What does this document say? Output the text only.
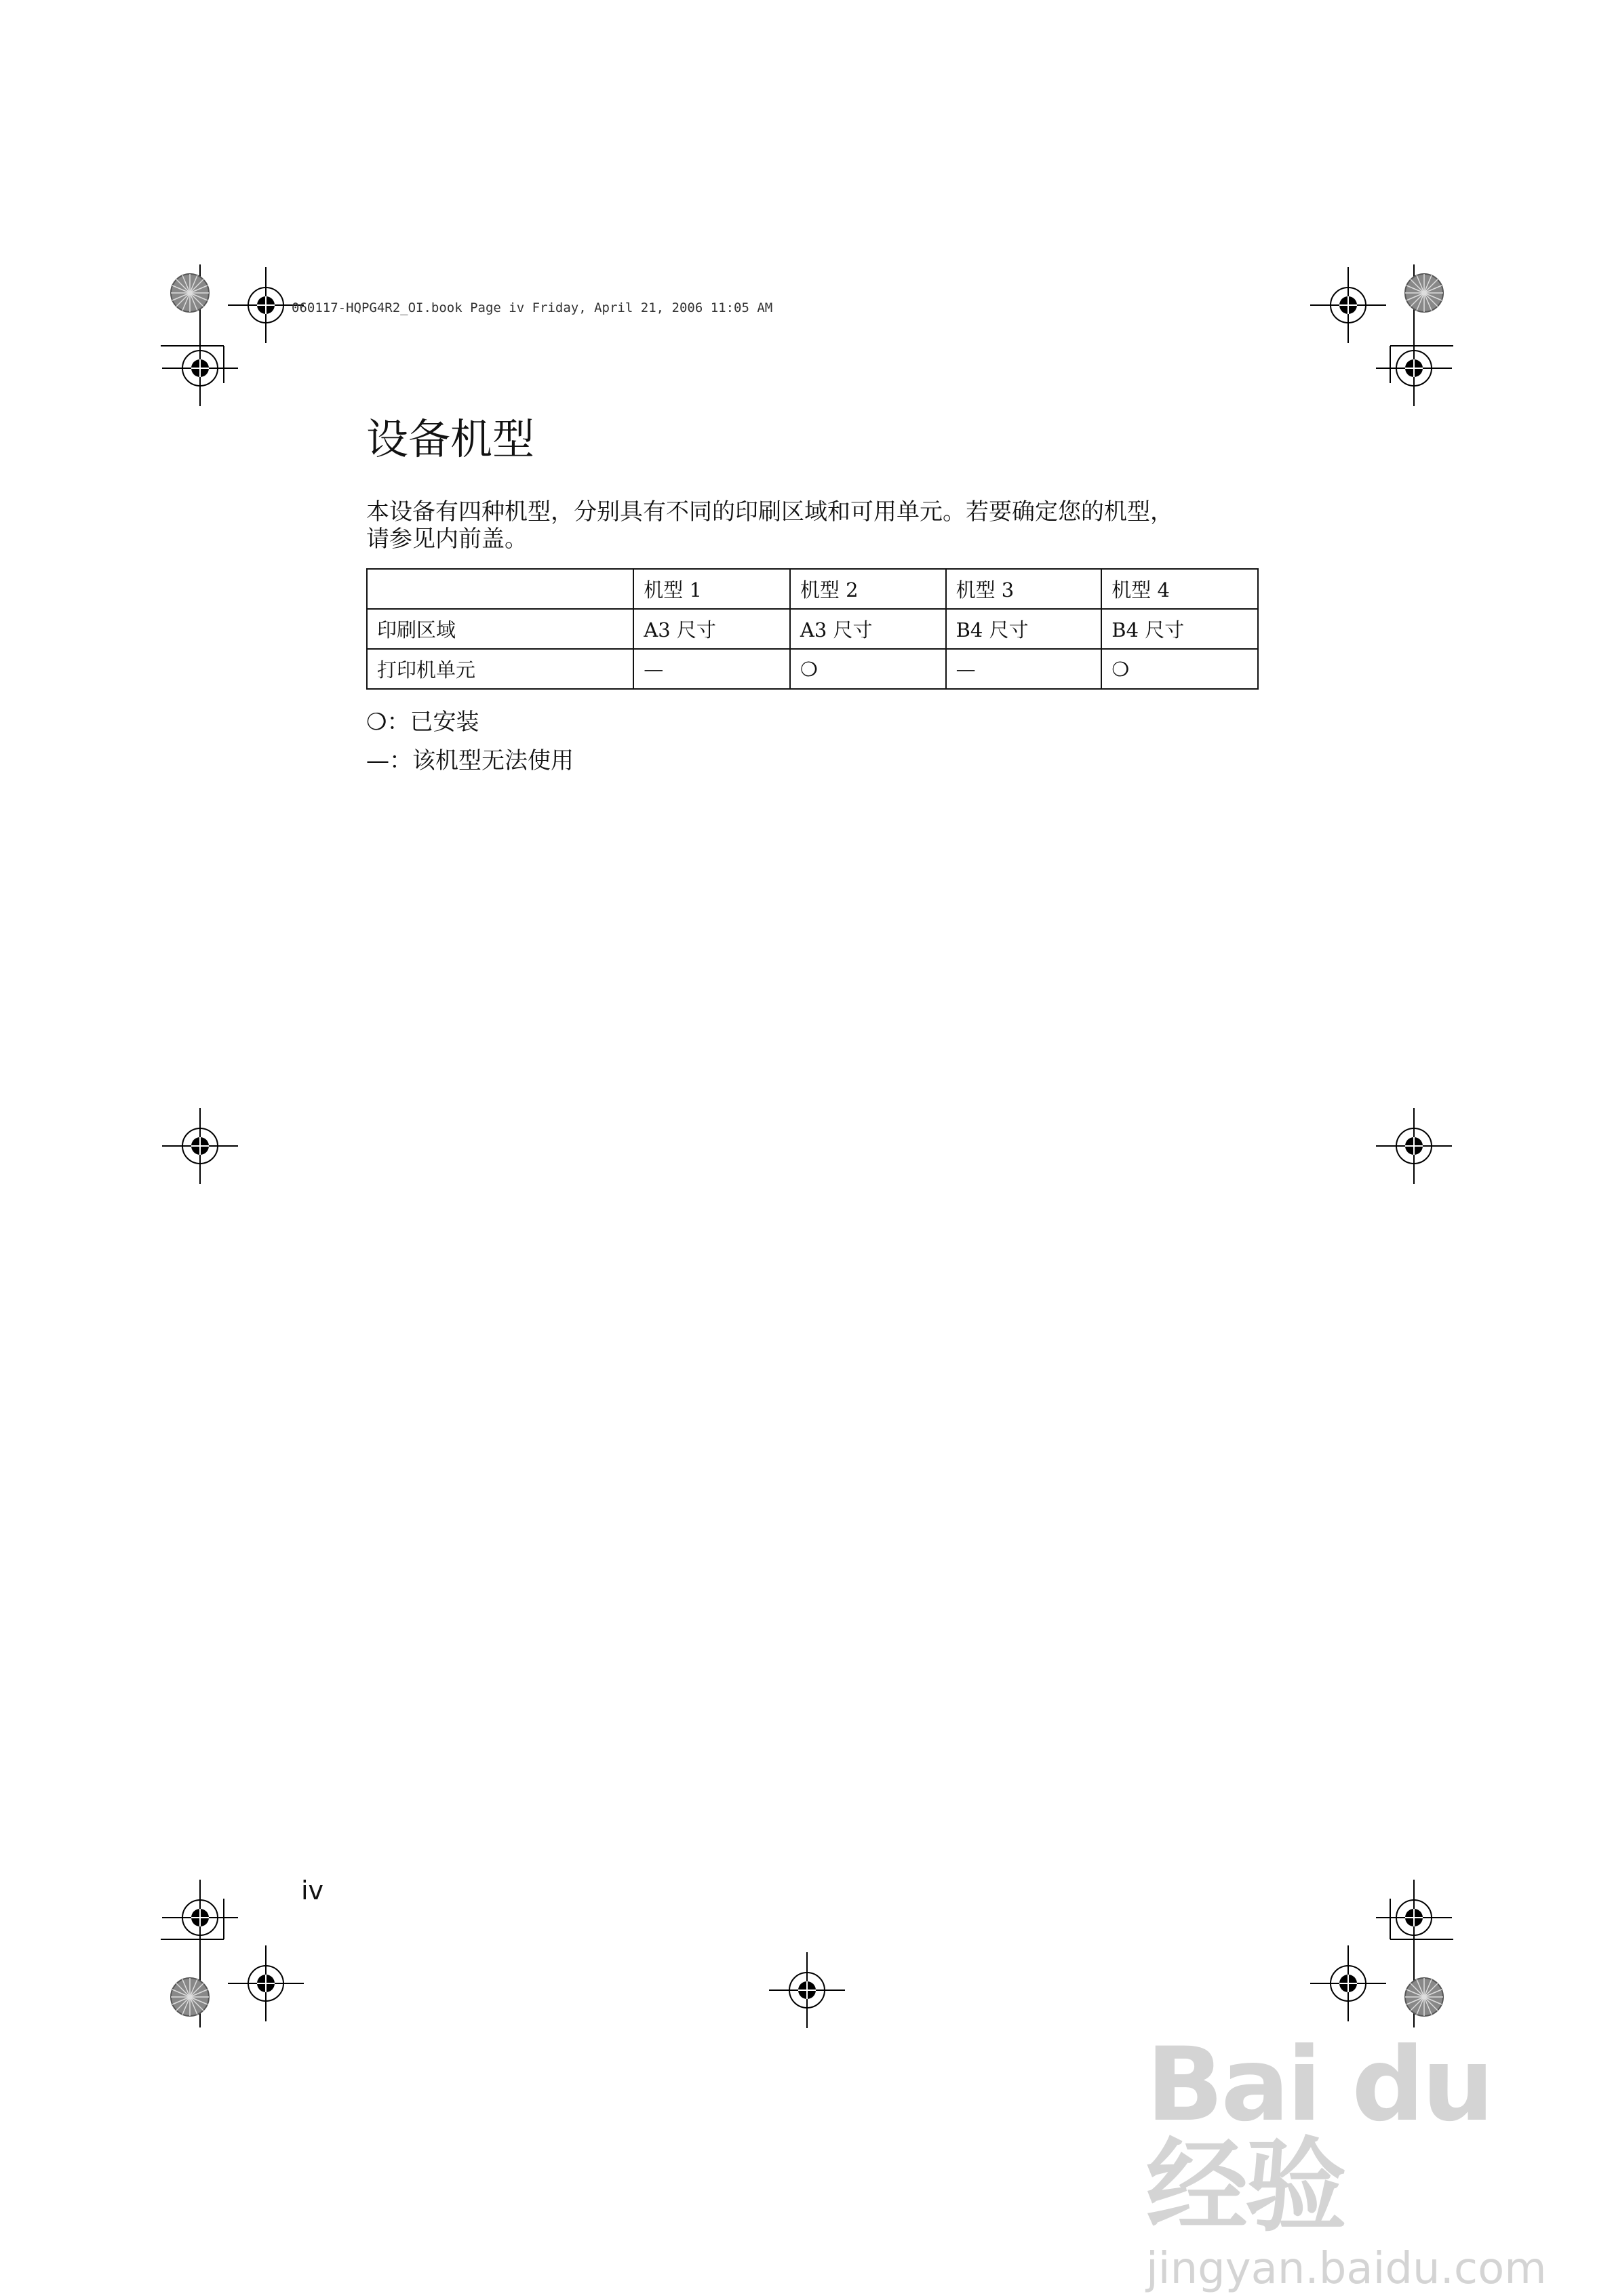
060117-HQPG4R2_OI.book Page iv Friday, April 21, 2006 11:05 AM
设备机型
本设备有四种机型，分别具有不同的印刷区域和可用单元。若要确定您的机型，
请参见内前盖。
	机型 1	机型 2	机型 3	机型 4
印刷区域	A3 尺寸	A3 尺寸	B4 尺寸	B4 尺寸
打印机单元	—	❍	—	❍
❍：已安装
—：该机型无法使用
iv
Bai du 经验
jingyan.baidu.com
